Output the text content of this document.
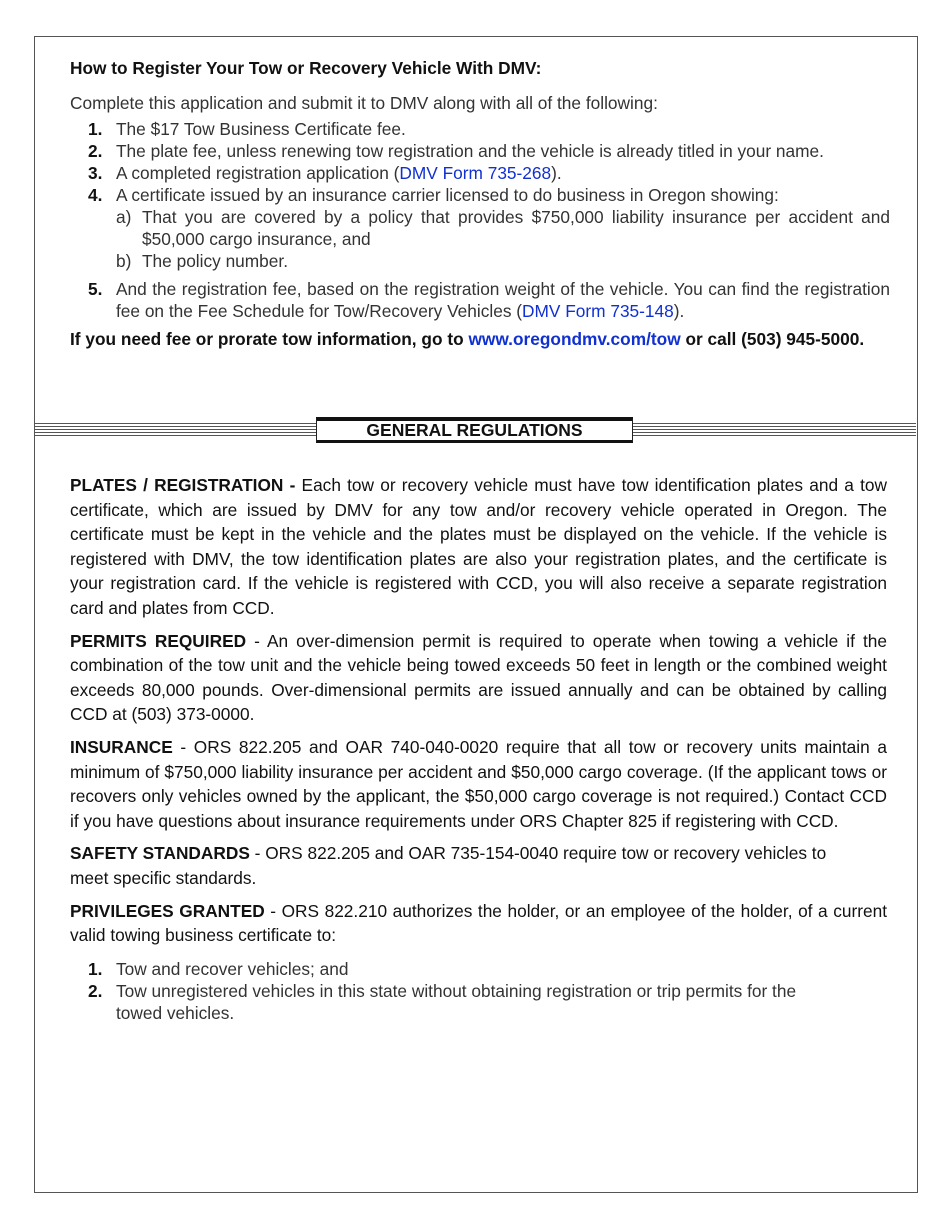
How to Register Your Tow or Recovery Vehicle With DMV:
Complete this application and submit it to DMV along with all of the following:
1. The $17 Tow Business Certificate fee.
2. The plate fee, unless renewing tow registration and the vehicle is already titled in your name.
3. A completed registration application (DMV Form 735-268).
4. A certificate issued by an insurance carrier licensed to do business in Oregon showing:
a) That you are covered by a policy that provides $750,000 liability insurance per accident and $50,000 cargo insurance, and
b) The policy number.
5. And the registration fee, based on the registration weight of the vehicle. You can find the registration fee on the Fee Schedule for Tow/Recovery Vehicles (DMV Form 735-148).
If you need fee or prorate tow information, go to www.oregondmv.com/tow or call (503) 945-5000.
GENERAL REGULATIONS

PLATES / REGISTRATION - Each tow or recovery vehicle must have tow identification plates and a tow certificate, which are issued by DMV for any tow and/or recovery vehicle operated in Oregon. The certificate must be kept in the vehicle and the plates must be displayed on the vehicle. If the vehicle is registered with DMV, the tow identification plates are also your registration plates, and the certificate is your registration card. If the vehicle is registered with CCD, you will also receive a separate registration card and plates from CCD.

PERMITS REQUIRED - An over-dimension permit is required to operate when towing a vehicle if the combination of the tow unit and the vehicle being towed exceeds 50 feet in length or the combined weight exceeds 80,000 pounds. Over-dimensional permits are issued annually and can be obtained by calling CCD at (503) 373-0000.

INSURANCE - ORS 822.205 and OAR 740-040-0020 require that all tow or recovery units maintain a minimum of $750,000 liability insurance per accident and $50,000 cargo coverage. (If the applicant tows or recovers only vehicles owned by the applicant, the $50,000 cargo coverage is not required.) Contact CCD if you have questions about insurance requirements under ORS Chapter 825 if registering with CCD.

SAFETY STANDARDS - ORS 822.205 and OAR 735-154-0040 require tow or recovery vehicles to meet specific standards.

PRIVILEGES GRANTED - ORS 822.210 authorizes the holder, or an employee of the holder, of a current valid towing business certificate to:

1. Tow and recover vehicles; and
2. Tow unregistered vehicles in this state without obtaining registration or trip permits for the towed vehicles.
